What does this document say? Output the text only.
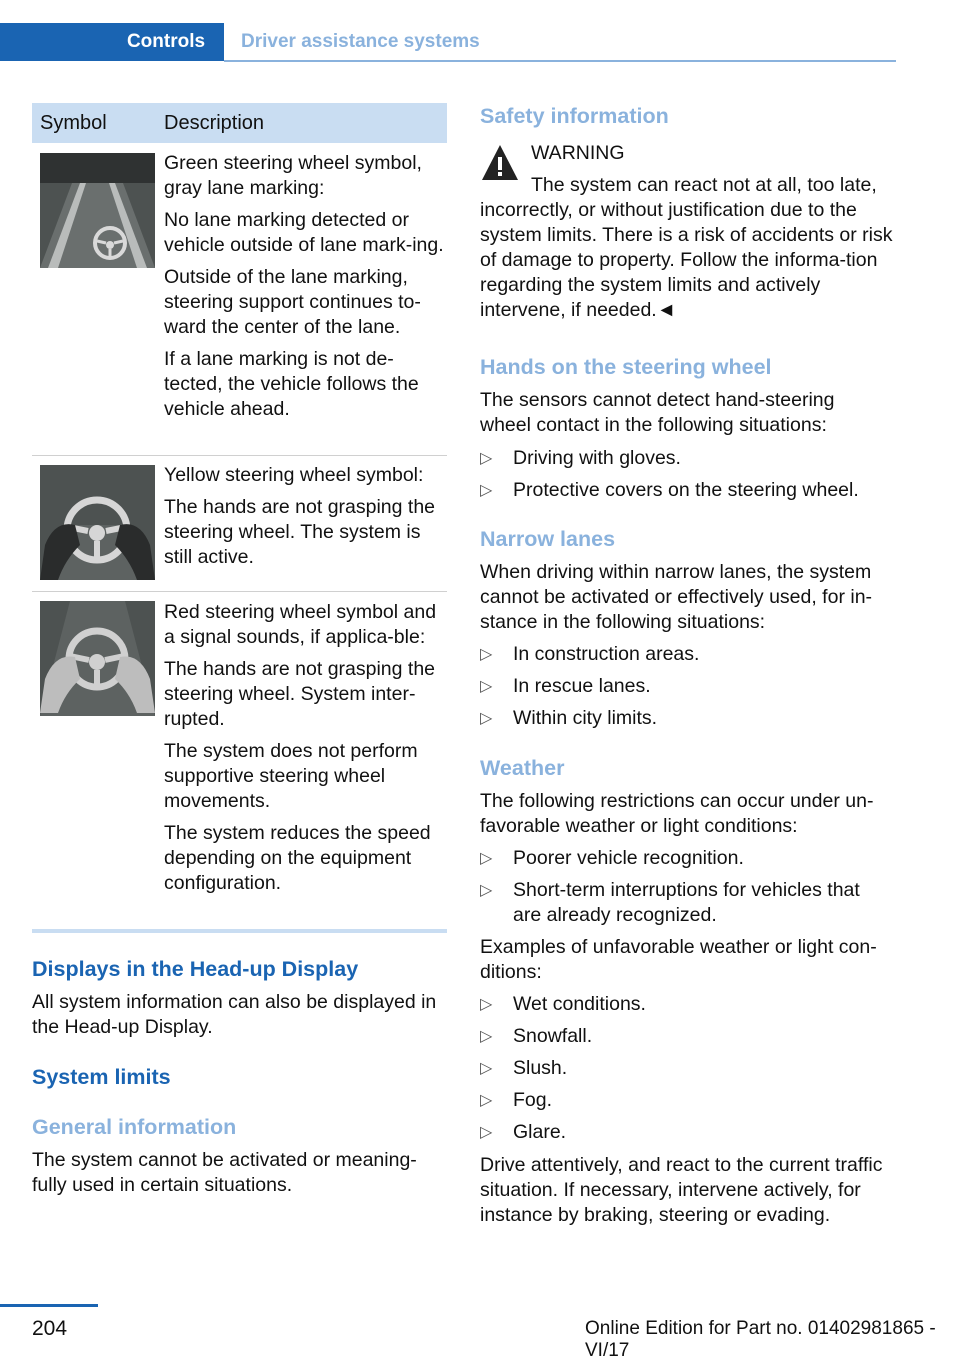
Controls	Driver assistance systems
Symbol	Description

Green steering wheel symbol, gray lane marking:

No lane marking detected or vehicle outside of lane mark-ing.

Outside of the lane marking, steering support continues to-ward the center of the lane.

If a lane marking is not de-tected, the vehicle follows the vehicle ahead.

Yellow steering wheel symbol:

The hands are not grasping the steering wheel. The system is still active.

Red steering wheel symbol and a signal sounds, if applica-ble:

The hands are not grasping the steering wheel. System inter-rupted.

The system does not perform supportive steering wheel movements.

The system reduces the speed depending on the equipment configuration.

Displays in the Head-up Display
All system information can also be displayed in the Head-up Display.
System limits
General information
The system cannot be activated or meaning-fully used in certain situations.
Safety information
WARNING
The system can react not at all, too late, incorrectly, or without justification due to the system limits. There is a risk of accidents or risk of damage to property. Follow the informa-tion regarding the system limits and actively intervene, if needed.◄
Hands on the steering wheel
The sensors cannot detect hand-steering wheel contact in the following situations:
▷ Driving with gloves.
▷ Protective covers on the steering wheel.
Narrow lanes
When driving within narrow lanes, the system cannot be activated or effectively used, for in-stance in the following situations:
▷ In construction areas.
▷ In rescue lanes.
▷ Within city limits.
Weather
The following restrictions can occur under un-favorable weather or light conditions:
▷ Poorer vehicle recognition.
▷ Short-term interruptions for vehicles that are already recognized.
Examples of unfavorable weather or light con-ditions:
▷ Wet conditions.
▷ Snowfall.
▷ Slush.
▷ Fog.
▷ Glare.
Drive attentively, and react to the current traffic situation. If necessary, intervene actively, for instance by braking, steering or evading.
204	Online Edition for Part no. 01402981865 - VI/17
